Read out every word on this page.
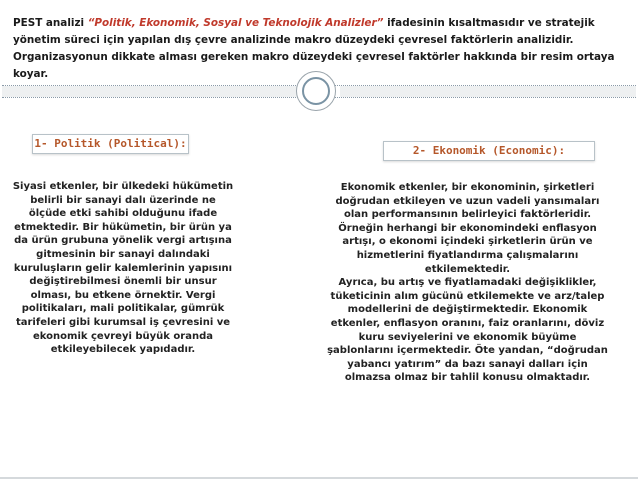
PEST analizi “Politik, Ekonomik, Sosyal ve Teknolojik Analizler” ifadesinin kısaltmasıdır ve stratejik yönetim süreci için yapılan dış çevre analizinde makro düzeydeki çevresel faktörlerin analizidir. Organizasyonun dikkate alması gereken makro düzeydeki çevresel faktörler hakkında bir resim ortaya koyar.
1- Politik (Political):

Siyasi etkenler, bir ülkedeki hükümetin belirli bir sanayi dalı üzerinde ne ölçüde etki sahibi olduğunu ifade etmektedir. Bir hükümetin, bir ürün ya da ürün grubuna yönelik vergi artışına gitmesinin bir sanayi dalındaki kuruluşların gelir kalemlerinin yapısını değiştirebilmesi önemli bir unsur olması, bu etkene örnektir. Vergi politikaları, mali politikalar, gümrük tarifeleri gibi kurumsal iş çevresini ve ekonomik çevreyi büyük oranda etkileyebilecek yapıdadır.

2- Ekonomik (Economic):

Ekonomik etkenler, bir ekonominin, şirketleri doğrudan etkileyen ve uzun vadeli yansımaları olan performansının belirleyici faktörleridir. Örneğin herhangi bir ekonomindeki enflasyon artışı, o ekonomi içindeki şirketlerin ürün ve hizmetlerini fiyatlandırma çalışmalarını etkilemektedir.

Ayrıca, bu artış ve fiyatlamadaki değişiklikler, tüketicinin alım gücünü etkilemekte ve arz/talep modellerini de değiştirmektedir. Ekonomik etkenler, enflasyon oranını, faiz oranlarını, döviz kuru seviyelerini ve ekonomik büyüme şablonlarını içermektedir. Öte yandan, “doğrudan yabancı yatırım” da bazı sanayi dalları için olmazsa olmaz bir tahlil konusu olmaktadır.
